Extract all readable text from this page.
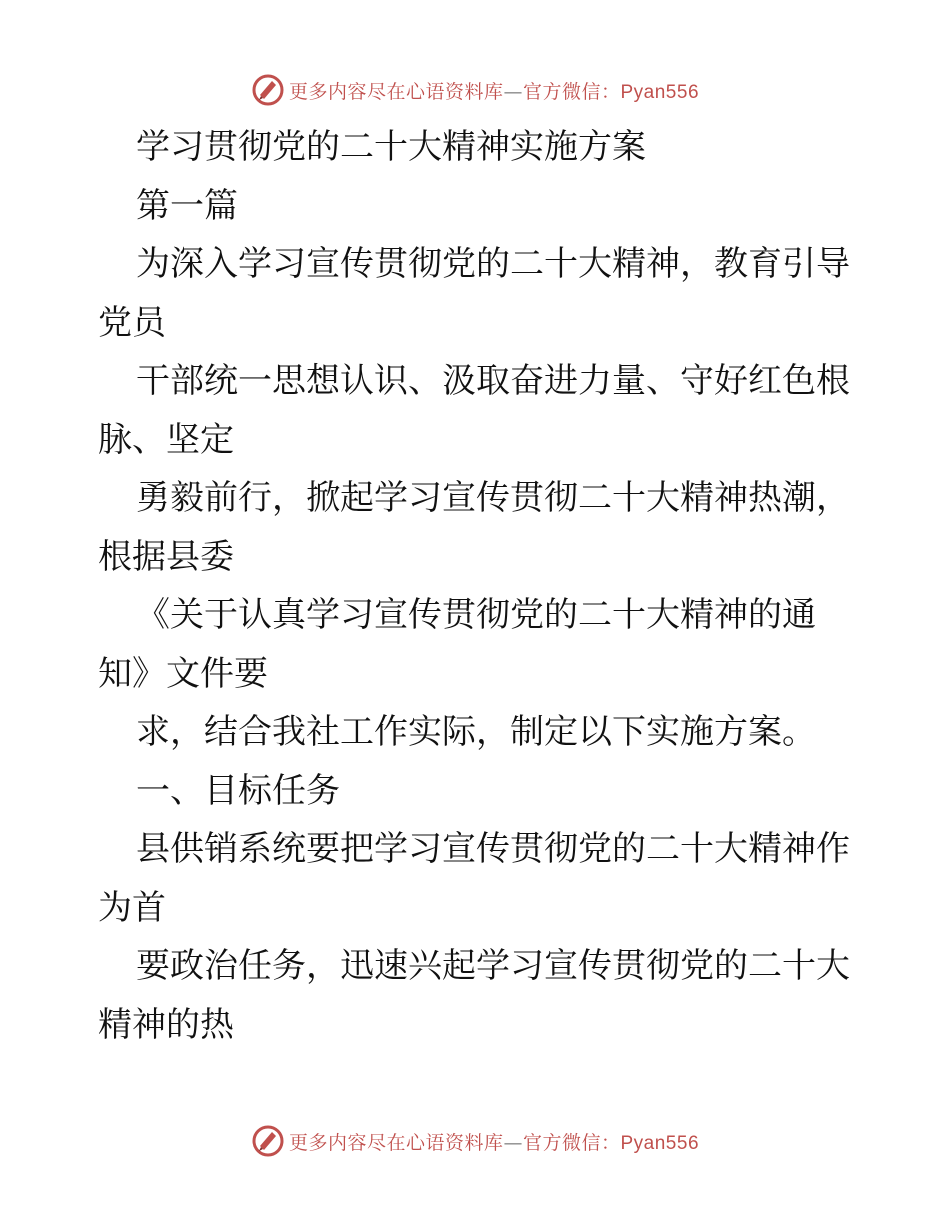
更多内容尽在心语资料库—官方微信：Pyan556
学习贯彻党的二十大精神实施方案
第一篇
为深入学习宣传贯彻党的二十大精神，教育引导
党员
干部统一思想认识、汲取奋进力量、守好红色根
脉、坚定
勇毅前行，掀起学习宣传贯彻二十大精神热潮，
根据县委
《关于认真学习宣传贯彻党的二十大精神的通
知》文件要
求，结合我社工作实际，制定以下实施方案。
一、目标任务
县供销系统要把学习宣传贯彻党的二十大精神作
为首
要政治任务，迅速兴起学习宣传贯彻党的二十大
精神的热
更多内容尽在心语资料库—官方微信：Pyan556
